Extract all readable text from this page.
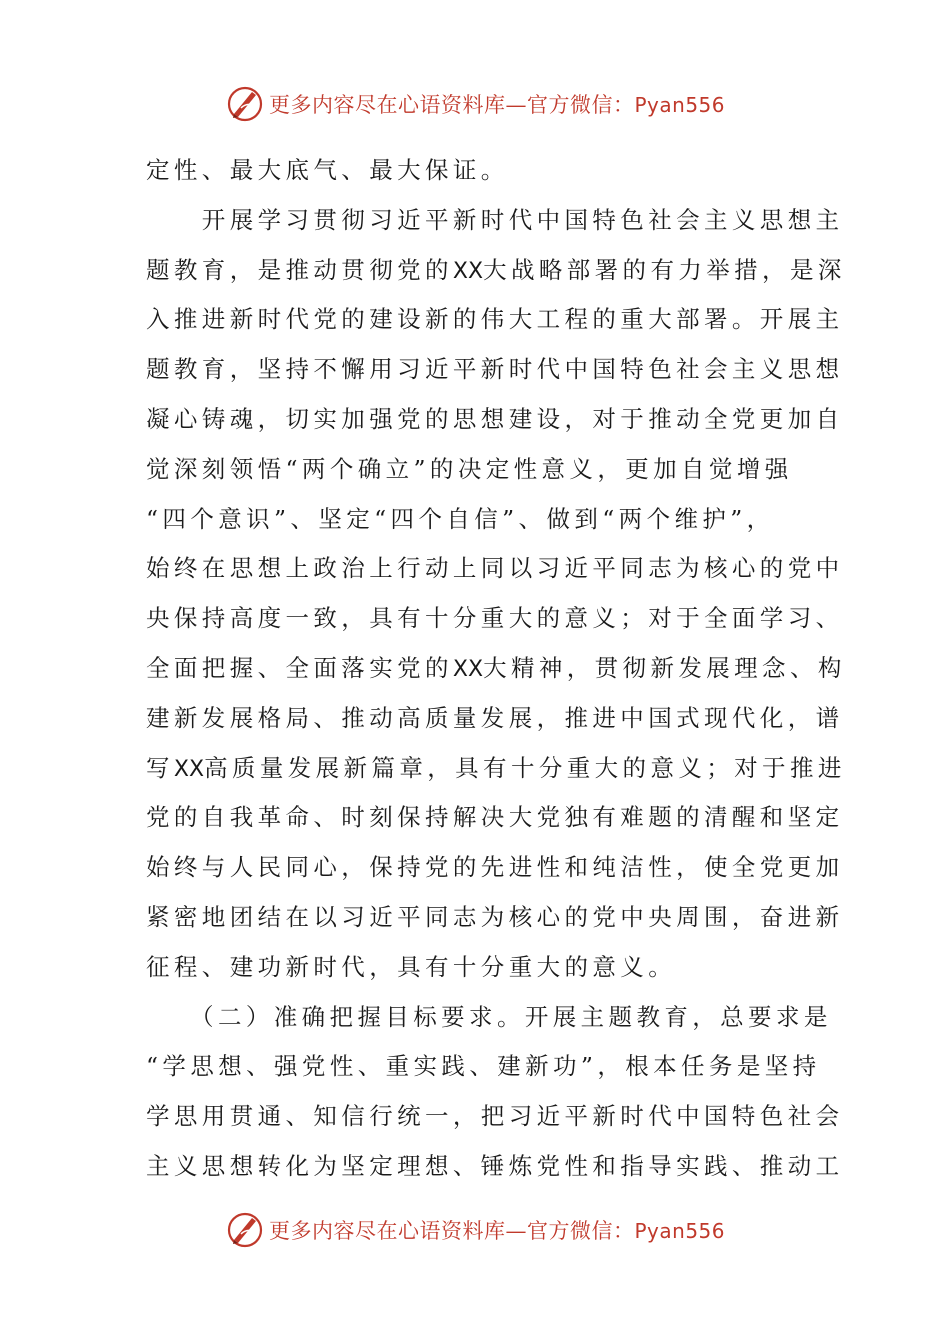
更多内容尽在心语资料库—官方微信：Pyan556
定性、最大底气、最大保证。
　　开展学习贯彻习近平新时代中国特色社会主义思想主
题教育，是推动贯彻党的XX大战略部署的有力举措，是深
入推进新时代党的建设新的伟大工程的重大部署。开展主
题教育，坚持不懈用习近平新时代中国特色社会主义思想
凝心铸魂，切实加强党的思想建设，对于推动全党更加自
觉深刻领悟“两个确立”的决定性意义，更加自觉增强
“四个意识”、坚定“四个自信”、做到“两个维护”，
始终在思想上政治上行动上同以习近平同志为核心的党中
央保持高度一致，具有十分重大的意义；对于全面学习、
全面把握、全面落实党的XX大精神，贯彻新发展理念、构
建新发展格局、推动高质量发展，推进中国式现代化，谱
写XX高质量发展新篇章，具有十分重大的意义；对于推进
党的自我革命、时刻保持解决大党独有难题的清醒和坚定
始终与人民同心，保持党的先进性和纯洁性，使全党更加
紧密地团结在以习近平同志为核心的党中央周围，奋进新
征程、建功新时代，具有十分重大的意义。
　　（二）准确把握目标要求。开展主题教育，总要求是
“学思想、强党性、重实践、建新功”，根本任务是坚持
学思用贯通、知信行统一，把习近平新时代中国特色社会
主义思想转化为坚定理想、锤炼党性和指导实践、推动工
更多内容尽在心语资料库—官方微信：Pyan556
